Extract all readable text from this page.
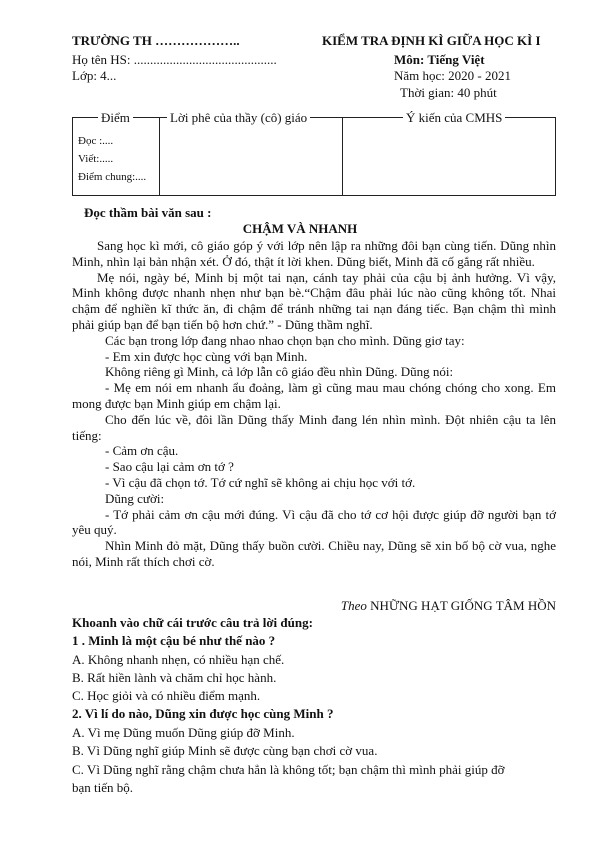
TRƯỜNG TH ………………..	KIỂM TRA ĐỊNH KÌ GIỮA HỌC KÌ I
Họ tên HS: ............................................	Môn: Tiếng Việt
Lớp: 4...	Năm học: 2020 - 2021
Thời gian: 40 phút
Điểm
Đọc :....
Viết:.....
Điểm chung:....
Lời phê của thầy (cô) giáo	Ý kiến của CMHS
Đọc thầm bài văn sau :
CHẬM VÀ NHANH

Sang học kì mới, cô giáo góp ý với lớp nên lập ra những đôi bạn cùng tiến. Dũng nhìn Minh, nhìn lại bản nhận xét. Ở đó, thật ít lời khen. Dũng biết, Minh đã cố gắng rất nhiều.

Mẹ nói, ngày bé, Minh bị một tai nạn, cánh tay phải của cậu bị ảnh hưởng. Vì vậy, Minh không được nhanh nhẹn như bạn bè.“Chậm đâu phải lúc nào cũng không tốt. Nhai chậm để nghiền kĩ thức ăn, đi chậm để tránh những tai nạn đáng tiếc. Bạn chậm thì mình phải giúp bạn để bạn tiến bộ hơn chứ.” - Dũng thầm nghĩ.

Các bạn trong lớp đang nhao nhao chọn bạn cho mình. Dũng giơ tay:

- Em xin được học cùng với bạn Minh.

Không riêng gì Minh, cả lớp lẫn cô giáo đều nhìn Dũng. Dũng nói:

- Mẹ em nói em nhanh ẩu đoảng, làm gì cũng mau mau chóng chóng cho xong. Em mong được bạn Minh giúp em chậm lại.

Cho đến lúc về, đôi lần Dũng thấy Minh đang lén nhìn mình. Đột nhiên cậu ta lên tiếng:

- Cảm ơn cậu.

- Sao cậu lại cảm ơn tớ ?

- Vì cậu đã chọn tớ. Tớ cứ nghĩ sẽ không ai chịu học với tớ.

Dũng cười:

- Tớ phải cảm ơn cậu mới đúng. Vì cậu đã cho tớ cơ hội được giúp đỡ người bạn tớ yêu quý.

Nhìn Minh đỏ mặt, Dũng thấy buồn cười. Chiều nay, Dũng sẽ xin bố bộ cờ vua, nghe nói, Minh rất thích chơi cờ.

Theo NHỮNG HẠT GIỐNG TÂM HỒN
Khoanh vào chữ cái trước câu trả lời đúng:
1 . Minh là một cậu bé như thế nào ?
A. Không nhanh nhẹn, có nhiều hạn chế.
B. Rất hiền lành và chăm chỉ học hành.
C. Học giỏi và có nhiều điểm mạnh.
2. Vì lí do nào, Dũng xin được học cùng Minh ?
A. Vì mẹ Dũng muốn Dũng giúp đỡ Minh.
B. Vì Dũng nghĩ giúp Minh sẽ được cùng bạn chơi cờ vua.
C. Vì Dũng nghĩ rằng chậm chưa hẳn là không tốt; bạn chậm thì mình phải giúp đỡ
bạn tiến bộ.
